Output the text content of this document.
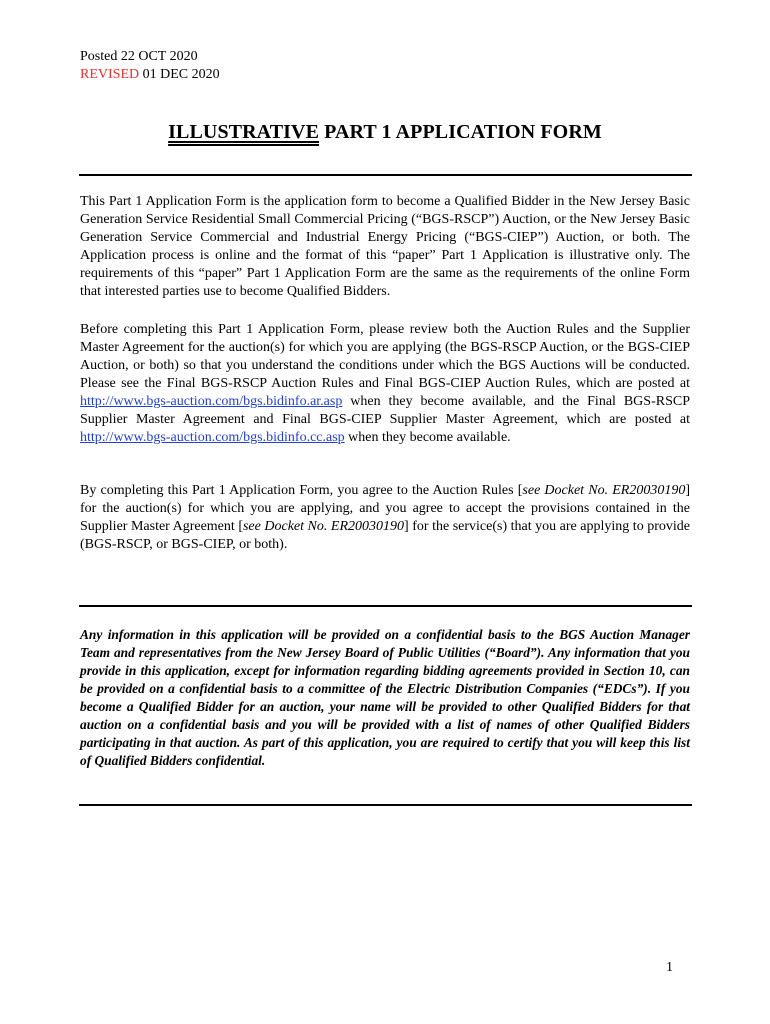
Posted 22 OCT 2020
REVISED 01 DEC 2020
ILLUSTRATIVE PART 1 APPLICATION FORM
This Part 1 Application Form is the application form to become a Qualified Bidder in the New Jersey Basic Generation Service Residential Small Commercial Pricing (“BGS-RSCP”) Auction, or the New Jersey Basic Generation Service Commercial and Industrial Energy Pricing (“BGS-CIEP”) Auction, or both. The Application process is online and the format of this “paper” Part 1 Application is illustrative only. The requirements of this “paper” Part 1 Application Form are the same as the requirements of the online Form that interested parties use to become Qualified Bidders.
Before completing this Part 1 Application Form, please review both the Auction Rules and the Supplier Master Agreement for the auction(s) for which you are applying (the BGS-RSCP Auction, or the BGS-CIEP Auction, or both) so that you understand the conditions under which the BGS Auctions will be conducted. Please see the Final BGS-RSCP Auction Rules and Final BGS-CIEP Auction Rules, which are posted at http://www.bgs-auction.com/bgs.bidinfo.ar.asp when they become available, and the Final BGS-RSCP Supplier Master Agreement and Final BGS-CIEP Supplier Master Agreement, which are posted at http://www.bgs-auction.com/bgs.bidinfo.cc.asp when they become available.
By completing this Part 1 Application Form, you agree to the Auction Rules [see Docket No. ER20030190] for the auction(s) for which you are applying, and you agree to accept the provisions contained in the Supplier Master Agreement [see Docket No. ER20030190] for the service(s) that you are applying to provide (BGS-RSCP, or BGS-CIEP, or both).
Any information in this application will be provided on a confidential basis to the BGS Auction Manager Team and representatives from the New Jersey Board of Public Utilities (“Board”). Any information that you provide in this application, except for information regarding bidding agreements provided in Section 10, can be provided on a confidential basis to a committee of the Electric Distribution Companies (“EDCs”). If you become a Qualified Bidder for an auction, your name will be provided to other Qualified Bidders for that auction on a confidential basis and you will be provided with a list of names of other Qualified Bidders participating in that auction. As part of this application, you are required to certify that you will keep this list of Qualified Bidders confidential.
1
